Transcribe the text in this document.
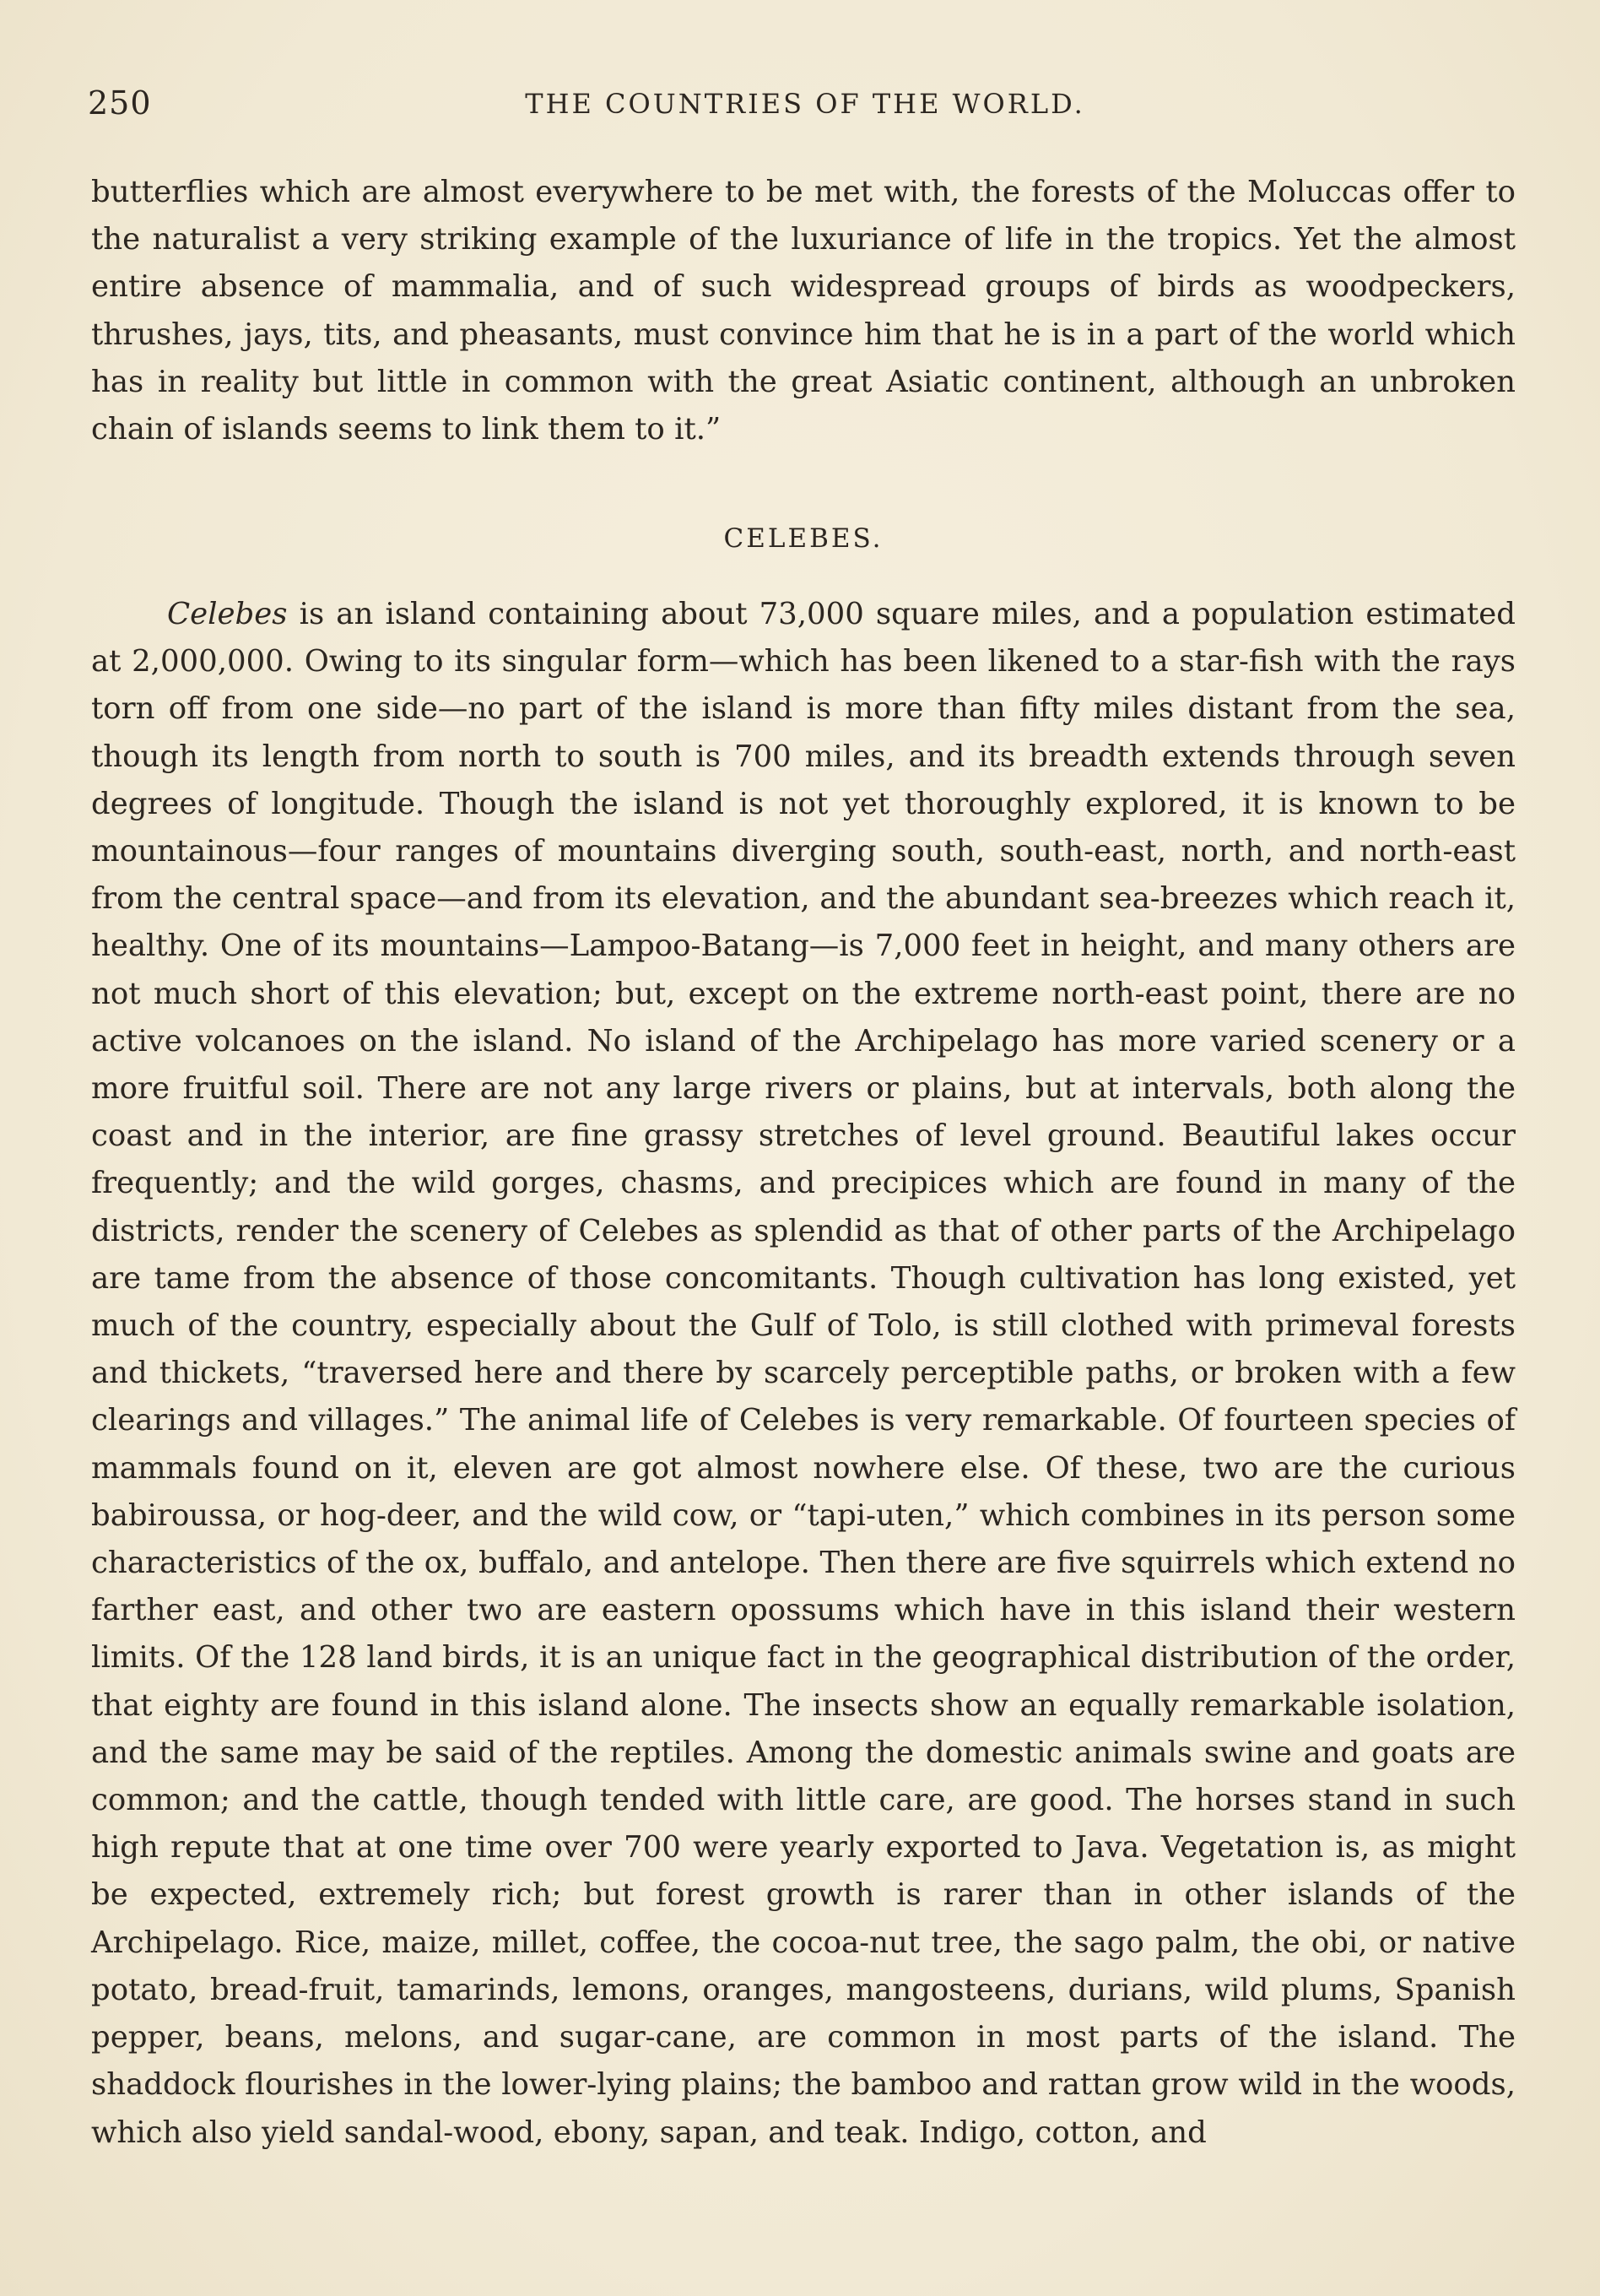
250	THE COUNTRIES OF THE WORLD.
butterflies which are almost everywhere to be met with, the forests of the Moluccas offer to the naturalist a very striking example of the luxuriance of life in the tropics. Yet the almost entire absence of mammalia, and of such widespread groups of birds as woodpeckers, thrushes, jays, tits, and pheasants, must convince him that he is in a part of the world which has in reality but little in common with the great Asiatic continent, although an unbroken chain of islands seems to link them to it.”
CELEBES.
Celebes is an island containing about 73,000 square miles, and a population estimated at 2,000,000. Owing to its singular form—which has been likened to a star-fish with the rays torn off from one side—no part of the island is more than fifty miles distant from the sea, though its length from north to south is 700 miles, and its breadth extends through seven degrees of longitude. Though the island is not yet thoroughly explored, it is known to be mountainous—four ranges of mountains diverging south, south-east, north, and north-east from the central space—and from its elevation, and the abundant sea-breezes which reach it, healthy. One of its mountains—Lampoo-Batang—is 7,000 feet in height, and many others are not much short of this elevation; but, except on the extreme north-east point, there are no active volcanoes on the island. No island of the Archipelago has more varied scenery or a more fruitful soil. There are not any large rivers or plains, but at intervals, both along the coast and in the interior, are fine grassy stretches of level ground. Beautiful lakes occur frequently; and the wild gorges, chasms, and precipices which are found in many of the districts, render the scenery of Celebes as splendid as that of other parts of the Archipelago are tame from the absence of those concomitants. Though cultivation has long existed, yet much of the country, especially about the Gulf of Tolo, is still clothed with primeval forests and thickets, “traversed here and there by scarcely perceptible paths, or broken with a few clearings and villages.” The animal life of Celebes is very remarkable. Of fourteen species of mammals found on it, eleven are got almost nowhere else. Of these, two are the curious babiroussa, or hog-deer, and the wild cow, or “tapi-uten,” which combines in its person some characteristics of the ox, buffalo, and antelope. Then there are five squirrels which extend no farther east, and other two are eastern opossums which have in this island their western limits. Of the 128 land birds, it is an unique fact in the geographical distribution of the order, that eighty are found in this island alone. The insects show an equally remarkable isolation, and the same may be said of the reptiles. Among the domestic animals swine and goats are common; and the cattle, though tended with little care, are good. The horses stand in such high repute that at one time over 700 were yearly exported to Java. Vegetation is, as might be expected, extremely rich; but forest growth is rarer than in other islands of the Archipelago. Rice, maize, millet, coffee, the cocoa-nut tree, the sago palm, the obi, or native potato, bread-fruit, tamarinds, lemons, oranges, mangosteens, durians, wild plums, Spanish pepper, beans, melons, and sugar-cane, are common in most parts of the island. The shaddock flourishes in the lower-lying plains; the bamboo and rattan grow wild in the woods, which also yield sandal-wood, ebony, sapan, and teak. Indigo, cotton, and
